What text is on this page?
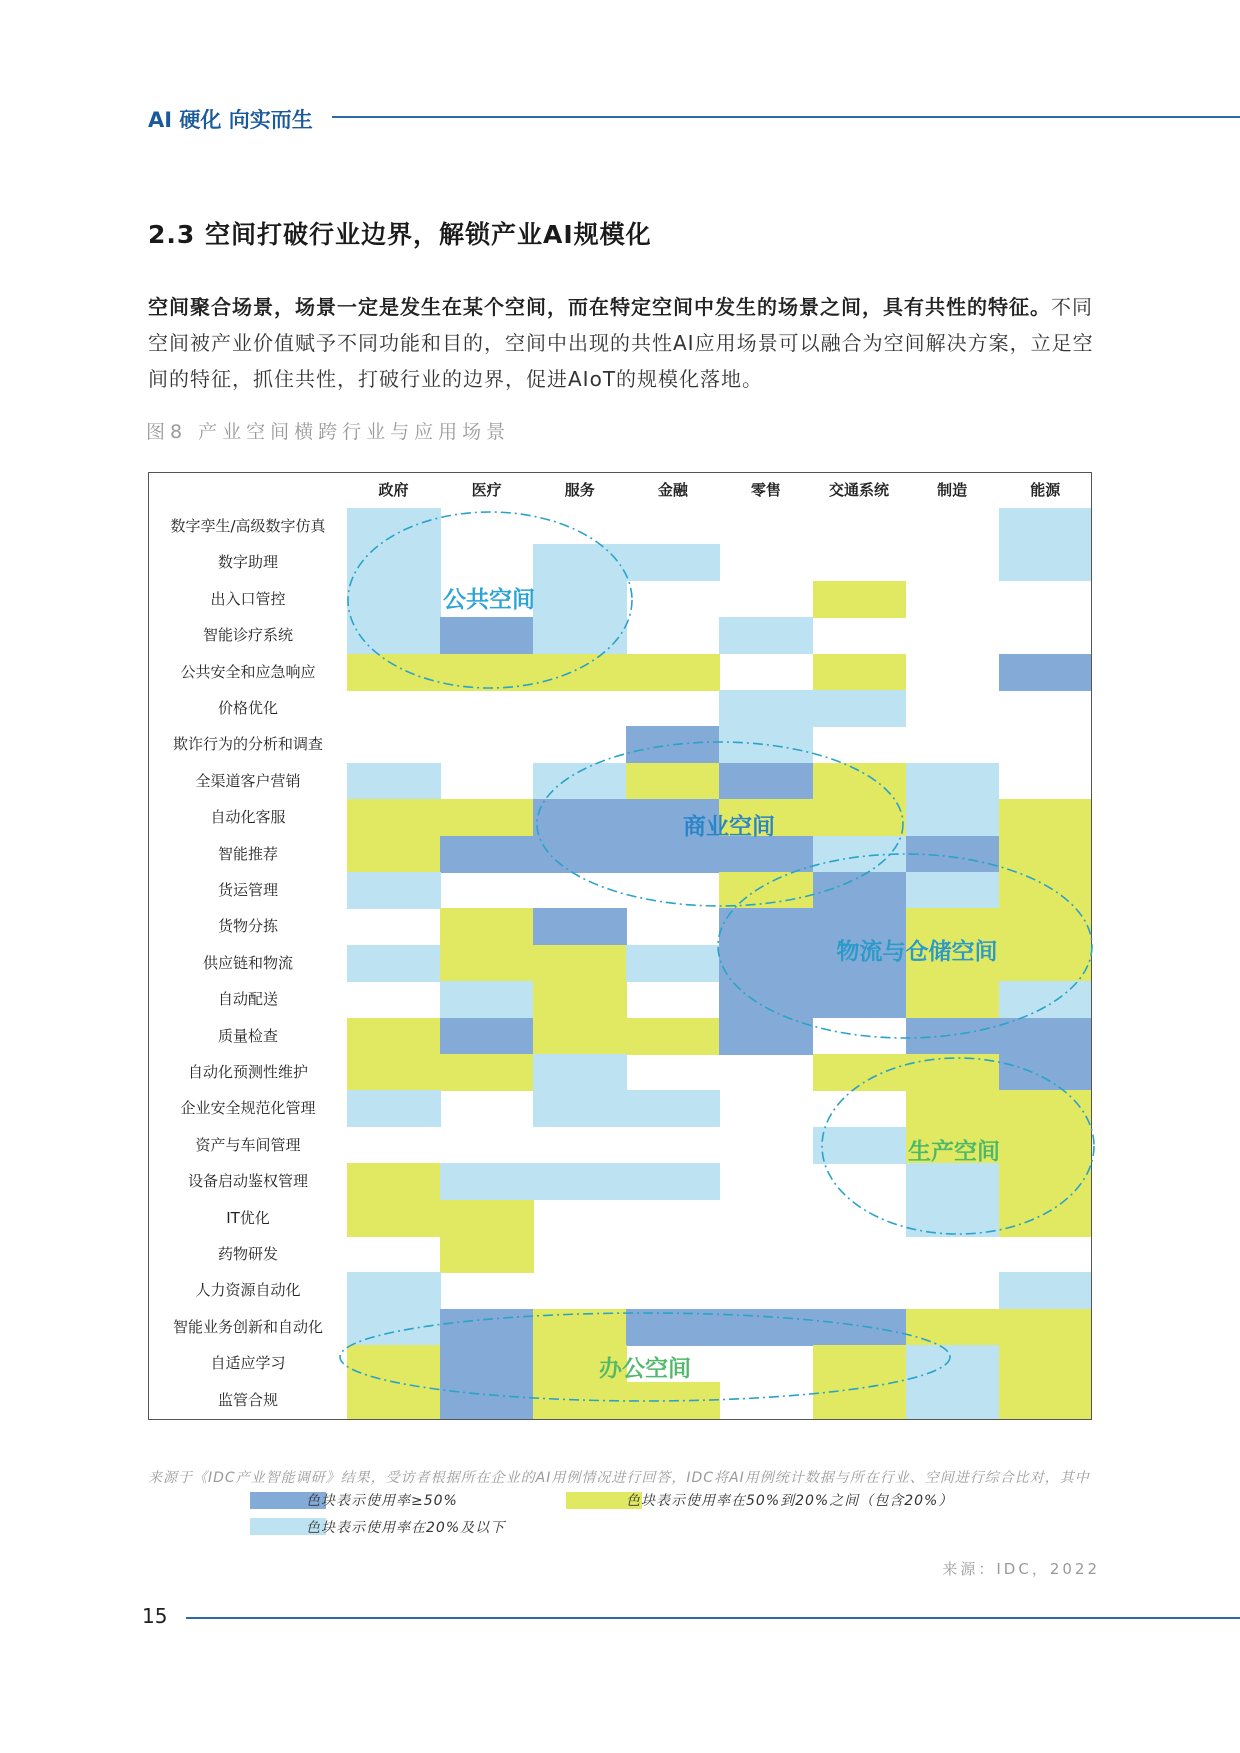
AI 硬化 向实而生
2.3 空间打破行业边界，解锁产业AI规模化
空间聚合场景，场景一定是发生在某个空间，而在特定空间中发生的场景之间，具有共性的特征。不同空间被产业价值赋予不同功能和目的，空间中出现的共性AI应用场景可以融合为空间解决方案，立足空间的特征，抓住共性，打破行业的边界，促进AIoT的规模化落地。
图8 产业空间横跨行业与应用场景
政府	医疗	服务	金融	零售	交通系统	制造	能源
数字孪生/高级数字仿真
数字助理
出入口管控
智能诊疗系统
公共安全和应急响应
价格优化
欺诈行为的分析和调查
全渠道客户营销
自动化客服
智能推荐
货运管理
货物分拣
供应链和物流
自动配送
质量检查
自动化预测性维护
企业安全规范化管理
资产与车间管理
设备启动鉴权管理
IT优化
药物研发
人力资源自动化
智能业务创新和自动化
自适应学习
监管合规
公共空间
商业空间
物流与仓储空间
生产空间
办公空间
来源于《IDC产业智能调研》结果，受访者根据所在企业的AI用例情况进行回答，IDC将AI用例统计数据与所在行业、空间进行综合比对，其中
色块表示使用率≥50%	色块表示使用率在50%到20%之间（包含20%）
色块表示使用率在20%及以下
来源：IDC，2022
15
